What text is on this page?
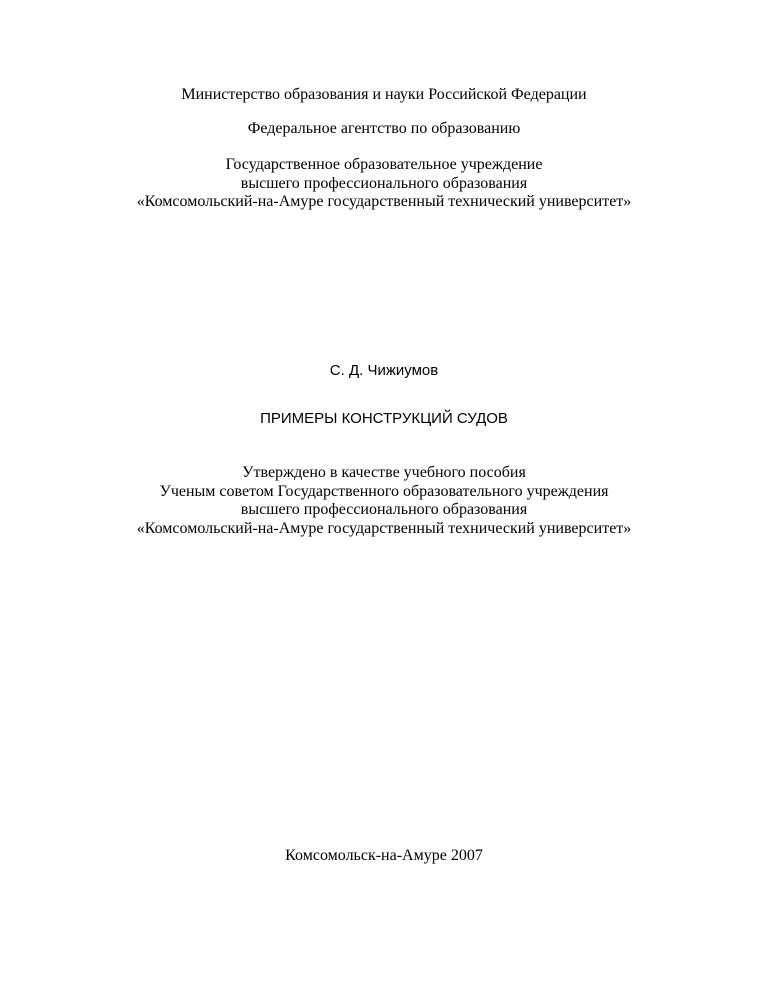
Министерство образования и науки Российской Федерации
Федеральное агентство по образованию
Государственное образовательное учреждение
высшего профессионального образования
«Комсомольский-на-Амуре государственный технический университет»
С. Д. Чижиумов
ПРИМЕРЫ КОНСТРУКЦИЙ СУДОВ
Утверждено в качестве учебного пособия
Ученым советом Государственного образовательного учреждения
высшего профессионального образования
«Комсомольский-на-Амуре государственный технический университет»
Комсомольск-на-Амуре 2007
